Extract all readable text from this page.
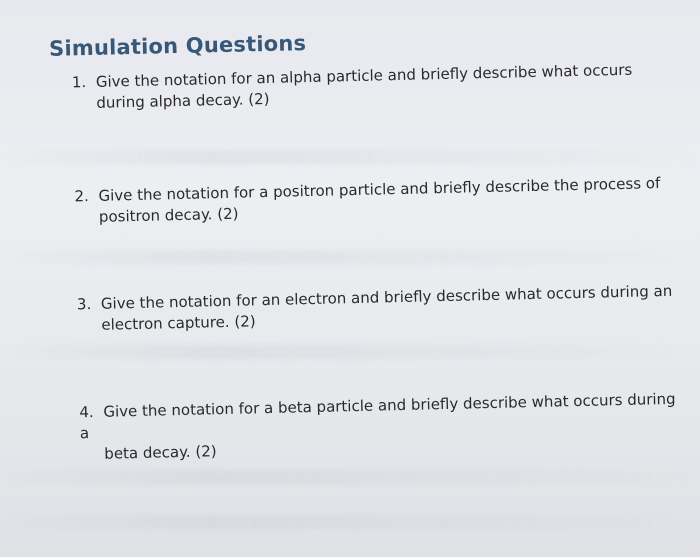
Simulation Questions
1. Give the notation for an alpha particle and briefly describe what occurs
during alpha decay. (2)
2. Give the notation for a positron particle and briefly describe the process of
positron decay. (2)
3. Give the notation for an electron and briefly describe what occurs during an
electron capture. (2)
4. Give the notation for a beta particle and briefly describe what occurs during a
beta decay. (2)
